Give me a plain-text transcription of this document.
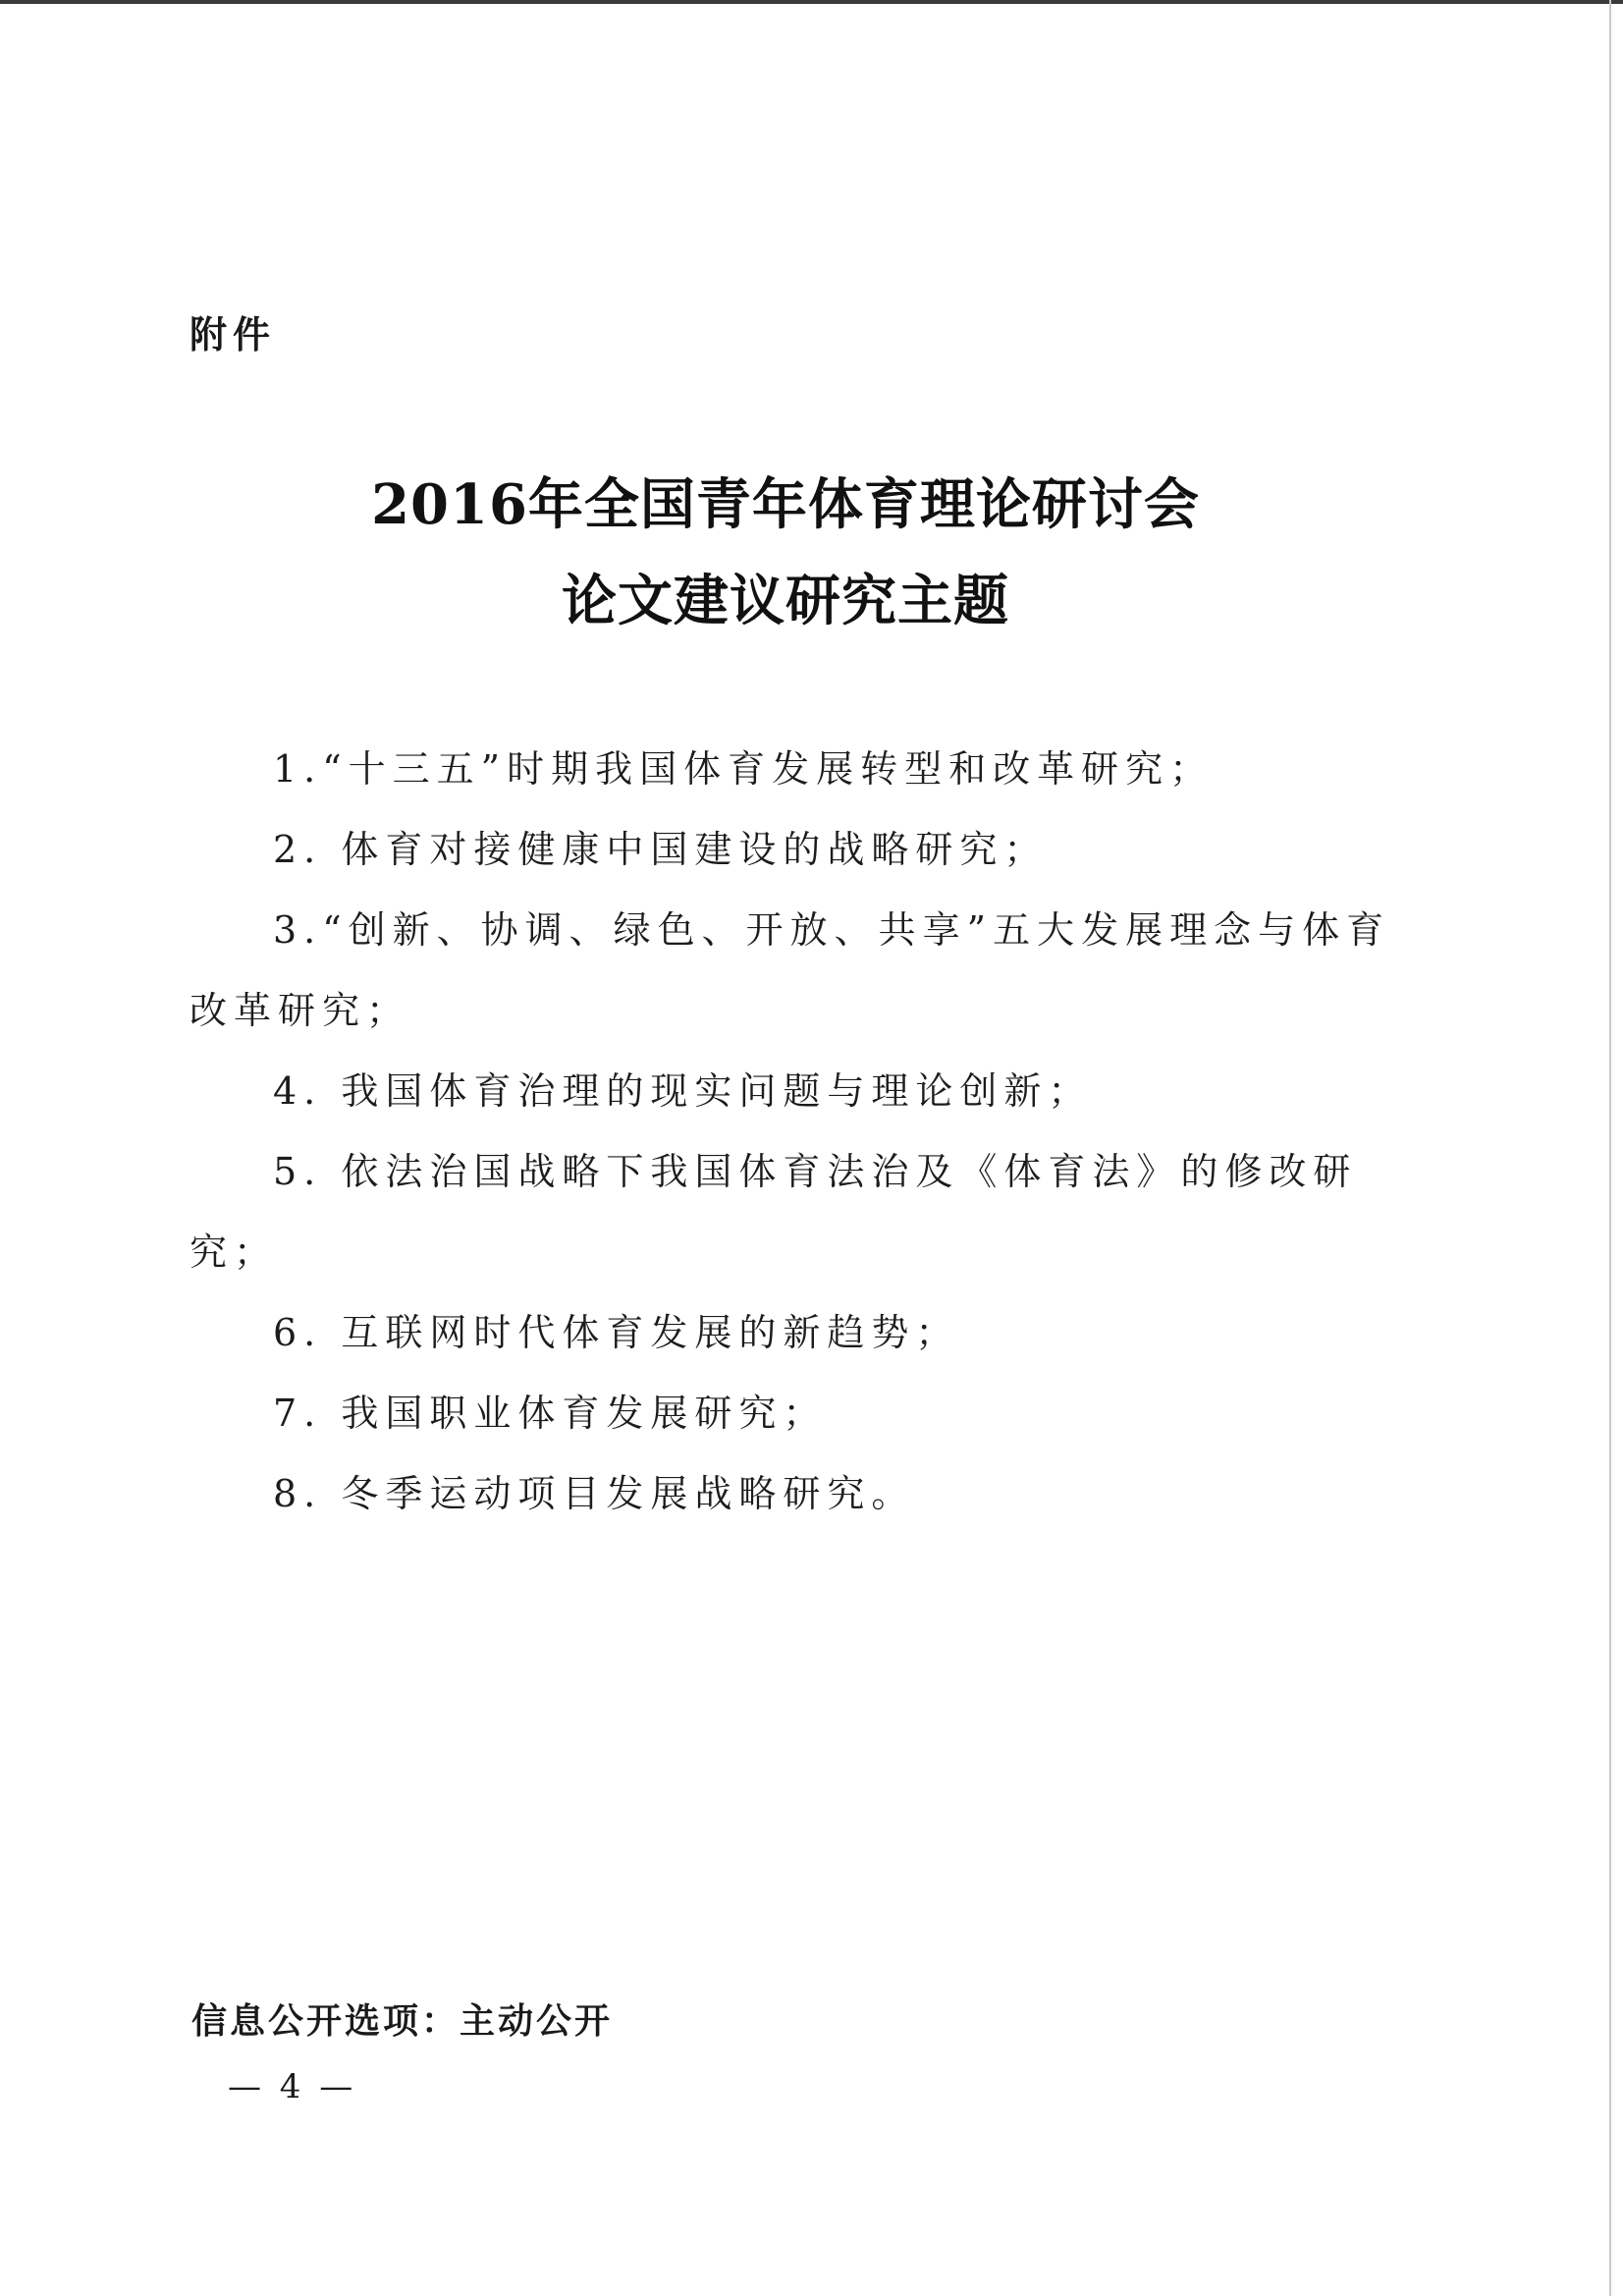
附件
2016年全国青年体育理论研讨会
论文建议研究主题
1.“十三五”时期我国体育发展转型和改革研究；
2. 体育对接健康中国建设的战略研究；
3.“创新、协调、绿色、开放、共享”五大发展理念与体育改革研究；
4. 我国体育治理的现实问题与理论创新；
5. 依法治国战略下我国体育法治及《体育法》的修改研究；
6. 互联网时代体育发展的新趋势；
7. 我国职业体育发展研究；
8. 冬季运动项目发展战略研究。
信息公开选项：主动公开
— 4 —
